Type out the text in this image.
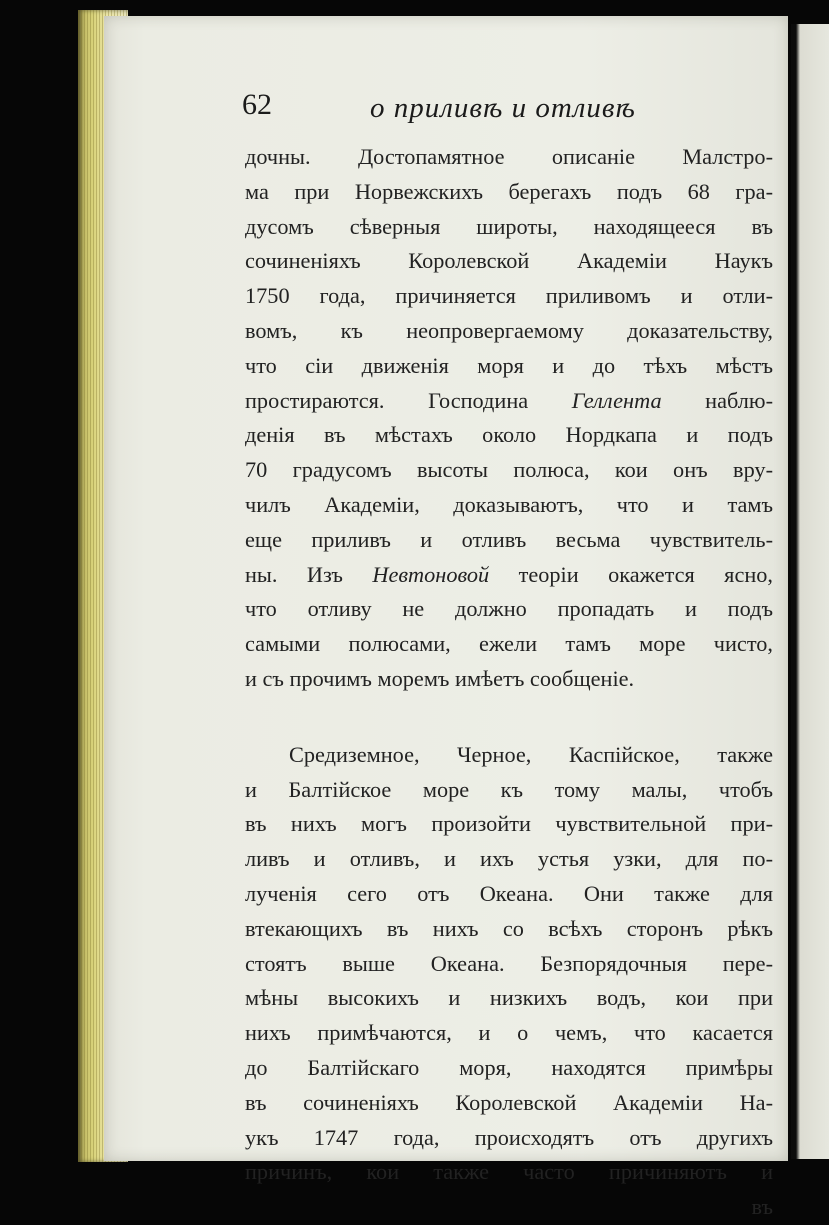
62	о приливѣ и отливѣ

дочны. Достопамятное описанiе Малстро-
ма при Норвежскихъ берегахъ подъ 68 гра-
дусомъ сѣверныя широты, находящееся въ
сочиненiяхъ Королевской Академiи Наукъ
1750 года, причиняется приливомъ и отли-
вомъ, къ неопровергаемому доказательству,
что сiи движенiя моря и до тѣхъ мѣстъ
простираются. Господина Геллента наблю-
денiя въ мѣстахъ около Нордкапа и подъ
70 градусомъ высоты полюса, кои онъ вру-
чилъ Академiи, доказываютъ, что и тамъ
еще приливъ и отливъ весьма чувствитель-
ны. Изъ Невтоновой теорiи окажется ясно,
что отливу не должно пропадать и подъ
самыми полюсами, ежели тамъ море чисто,
и съ прочимъ моремъ имѣетъ сообщенiе.
Средиземное, Черное, Каспiйское, также
и Балтiйское море къ тому малы, чтобъ
въ нихъ могъ произойти чувствительной при-
ливъ и отливъ, и ихъ устья узки, для по-
лученiя сего отъ Океана. Они также для
втекающихъ въ нихъ со всѣхъ сторонъ рѣкъ
стоятъ выше Океана. Безпорядочныя пере-
мѣны высокихъ и низкихъ водъ, кои при
нихъ примѣчаются, и о чемъ, что касается
до Балтiйскаго моря, находятся примѣры
въ сочиненiяхъ Королевской Академiи На-
укъ 1747 года, происходятъ отъ другихъ
причинъ, кои также часто причиняютъ и
въ
